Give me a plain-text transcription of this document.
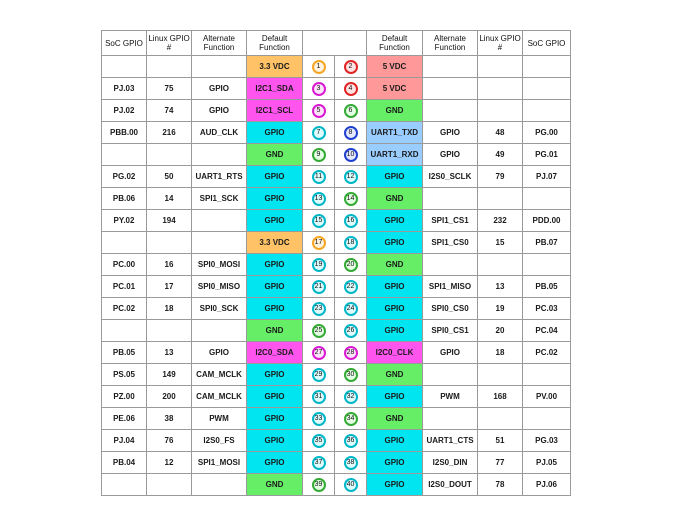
SoC GPIO	Linux GPIO #	Alternate Function	Default Function			Default Function	Alternate Function	Linux GPIO #	SoC GPIO
			3.3 VDC	1	2	5 VDC			
PJ.03	75	GPIO	I2C1_SDA	3	4	5 VDC			
PJ.02	74	GPIO	I2C1_SCL	5	6	GND			
PBB.00	216	AUD_CLK	GPIO	7	8	UART1_TXD	GPIO	48	PG.00
			GND	9	10	UART1_RXD	GPIO	49	PG.01
PG.02	50	UART1_RTS	GPIO	11	12	GPIO	I2S0_SCLK	79	PJ.07
PB.06	14	SPI1_SCK	GPIO	13	14	GND			
PY.02	194		GPIO	15	16	GPIO	SPI1_CS1	232	PDD.00
			3.3 VDC	17	18	GPIO	SPI1_CS0	15	PB.07
PC.00	16	SPI0_MOSI	GPIO	19	20	GND			
PC.01	17	SPI0_MISO	GPIO	21	22	GPIO	SPI1_MISO	13	PB.05
PC.02	18	SPI0_SCK	GPIO	23	24	GPIO	SPI0_CS0	19	PC.03
			GND	25	26	GPIO	SPI0_CS1	20	PC.04
PB.05	13	GPIO	I2C0_SDA	27	28	I2C0_CLK	GPIO	18	PC.02
PS.05	149	CAM_MCLK	GPIO	29	30	GND			
PZ.00	200	CAM_MCLK	GPIO	31	32	GPIO	PWM	168	PV.00
PE.06	38	PWM	GPIO	33	34	GND			
PJ.04	76	I2S0_FS	GPIO	35	36	GPIO	UART1_CTS	51	PG.03
PB.04	12	SPI1_MOSI	GPIO	37	38	GPIO	I2S0_DIN	77	PJ.05
			GND	39	40	GPIO	I2S0_DOUT	78	PJ.06
